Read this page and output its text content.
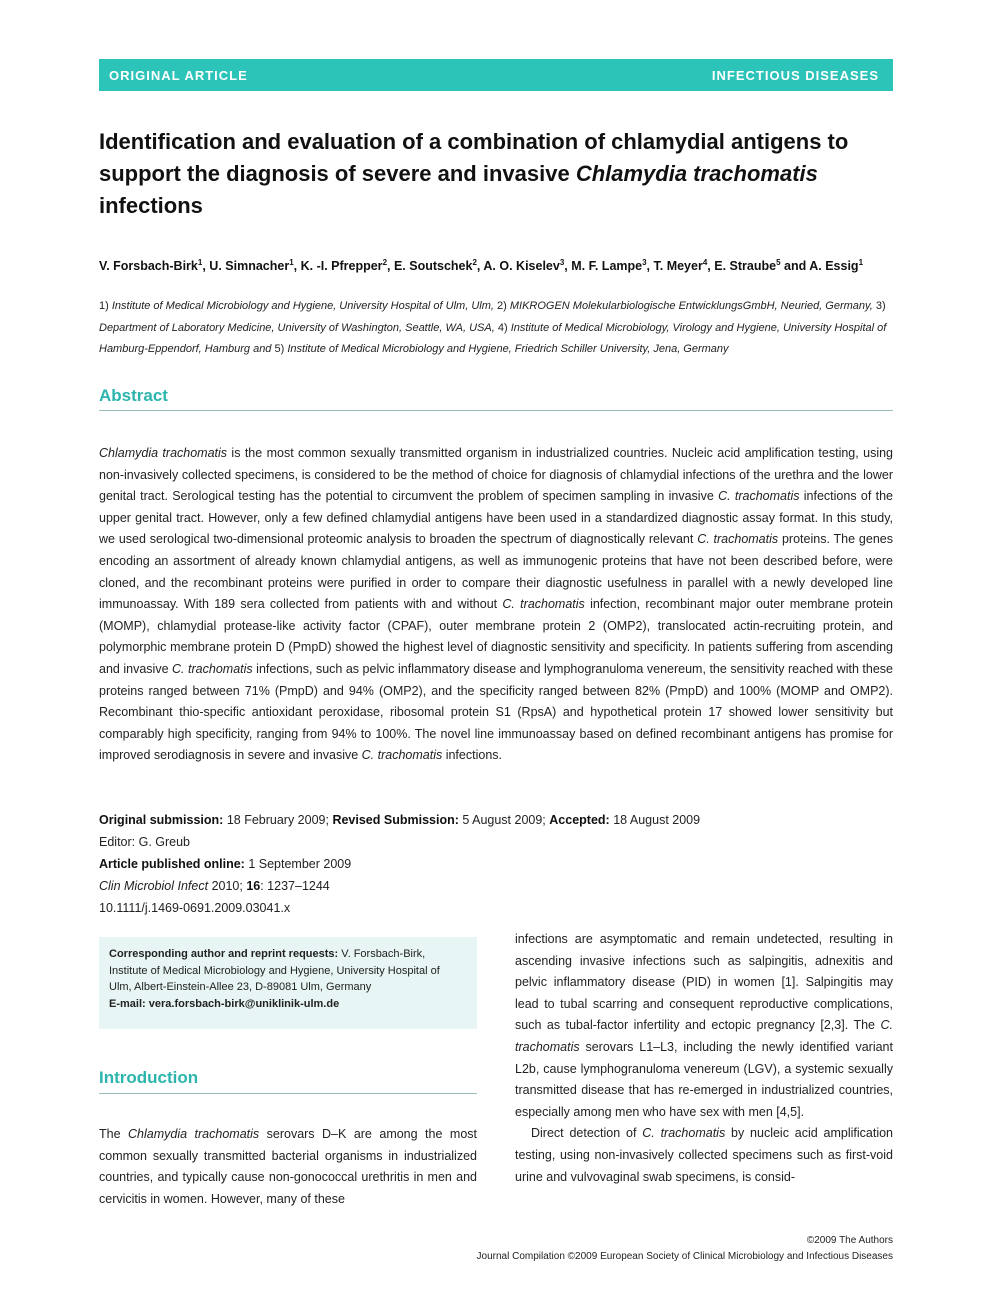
ORIGINAL ARTICLE	INFECTIOUS DISEASES
Identification and evaluation of a combination of chlamydial antigens to support the diagnosis of severe and invasive Chlamydia trachomatis infections
V. Forsbach-Birk$^1$, U. Simnacher$^1$, K. -I. Pfrepper$^2$, E. Soutschek$^2$, A. O. Kiselev$^3$, M. F. Lampe$^3$, T. Meyer$^4$, E. Straube$^5$ and A. Essig$^1$
1) Institute of Medical Microbiology and Hygiene, University Hospital of Ulm, Ulm, 2) MIKROGEN Molekularbiologische EntwicklungsGmbH, Neuried, Germany, 3) Department of Laboratory Medicine, University of Washington, Seattle, WA, USA, 4) Institute of Medical Microbiology, Virology and Hygiene, University Hospital of Hamburg-Eppendorf, Hamburg and 5) Institute of Medical Microbiology and Hygiene, Friedrich Schiller University, Jena, Germany
Abstract
Chlamydia trachomatis is the most common sexually transmitted organism in industrialized countries. Nucleic acid amplification testing, using non-invasively collected specimens, is considered to be the method of choice for diagnosis of chlamydial infections of the urethra and the lower genital tract. Serological testing has the potential to circumvent the problem of specimen sampling in invasive C. trachomatis infections of the upper genital tract. However, only a few defined chlamydial antigens have been used in a standardized diagnostic assay format. In this study, we used serological two-dimensional proteomic analysis to broaden the spectrum of diagnostically relevant C. trachomatis proteins. The genes encoding an assortment of already known chlamydial antigens, as well as immunogenic proteins that have not been described before, were cloned, and the recombinant proteins were purified in order to compare their diagnostic usefulness in parallel with a newly developed line immunoassay. With 189 sera collected from patients with and without C. trachomatis infection, recombinant major outer membrane protein (MOMP), chlamydial protease-like activity factor (CPAF), outer membrane protein 2 (OMP2), translocated actin-recruiting protein, and polymorphic membrane protein D (PmpD) showed the highest level of diagnostic sensitivity and specificity. In patients suffering from ascending and invasive C. trachomatis infections, such as pelvic inflammatory disease and lymphogranuloma venereum, the sensitivity reached with these proteins ranged between 71% (PmpD) and 94% (OMP2), and the specificity ranged between 82% (PmpD) and 100% (MOMP and OMP2). Recombinant thio-specific antioxidant peroxidase, ribosomal protein S1 (RpsA) and hypothetical protein 17 showed lower sensitivity but comparably high specificity, ranging from 94% to 100%. The novel line immunoassay based on defined recombinant antigens has promise for improved serodiagnosis in severe and invasive C. trachomatis infections.
Original submission: 18 February 2009; Revised Submission: 5 August 2009; Accepted: 18 August 2009
Editor: G. Greub
Article published online: 1 September 2009
Clin Microbiol Infect 2010; 16: 1237–1244
10.1111/j.1469-0691.2009.03041.x
Corresponding author and reprint requests: V. Forsbach-Birk, Institute of Medical Microbiology and Hygiene, University Hospital of Ulm, Albert-Einstein-Allee 23, D-89081 Ulm, Germany
E-mail: vera.forsbach-birk@uniklinik-ulm.de
Introduction

The Chlamydia trachomatis serovars D–K are among the most common sexually transmitted bacterial organisms in industrialized countries, and typically cause non-gonococcal urethritis in men and cervicitis in women. However, many of these

infections are asymptomatic and remain undetected, resulting in ascending invasive infections such as salpingitis, adnexitis and pelvic inflammatory disease (PID) in women [1]. Salpingitis may lead to tubal scarring and consequent reproductive complications, such as tubal-factor infertility and ectopic pregnancy [2,3]. The C. trachomatis serovars L1–L3, including the newly identified variant L2b, cause lymphogranuloma venereum (LGV), a systemic sexually transmitted disease that has re-emerged in industrialized countries, especially among men who have sex with men [4,5].

Direct detection of C. trachomatis by nucleic acid amplification testing, using non-invasively collected specimens such as first-void urine and vulvovaginal swab specimens, is consid-

©2009 The Authors
Journal Compilation ©2009 European Society of Clinical Microbiology and Infectious Diseases
